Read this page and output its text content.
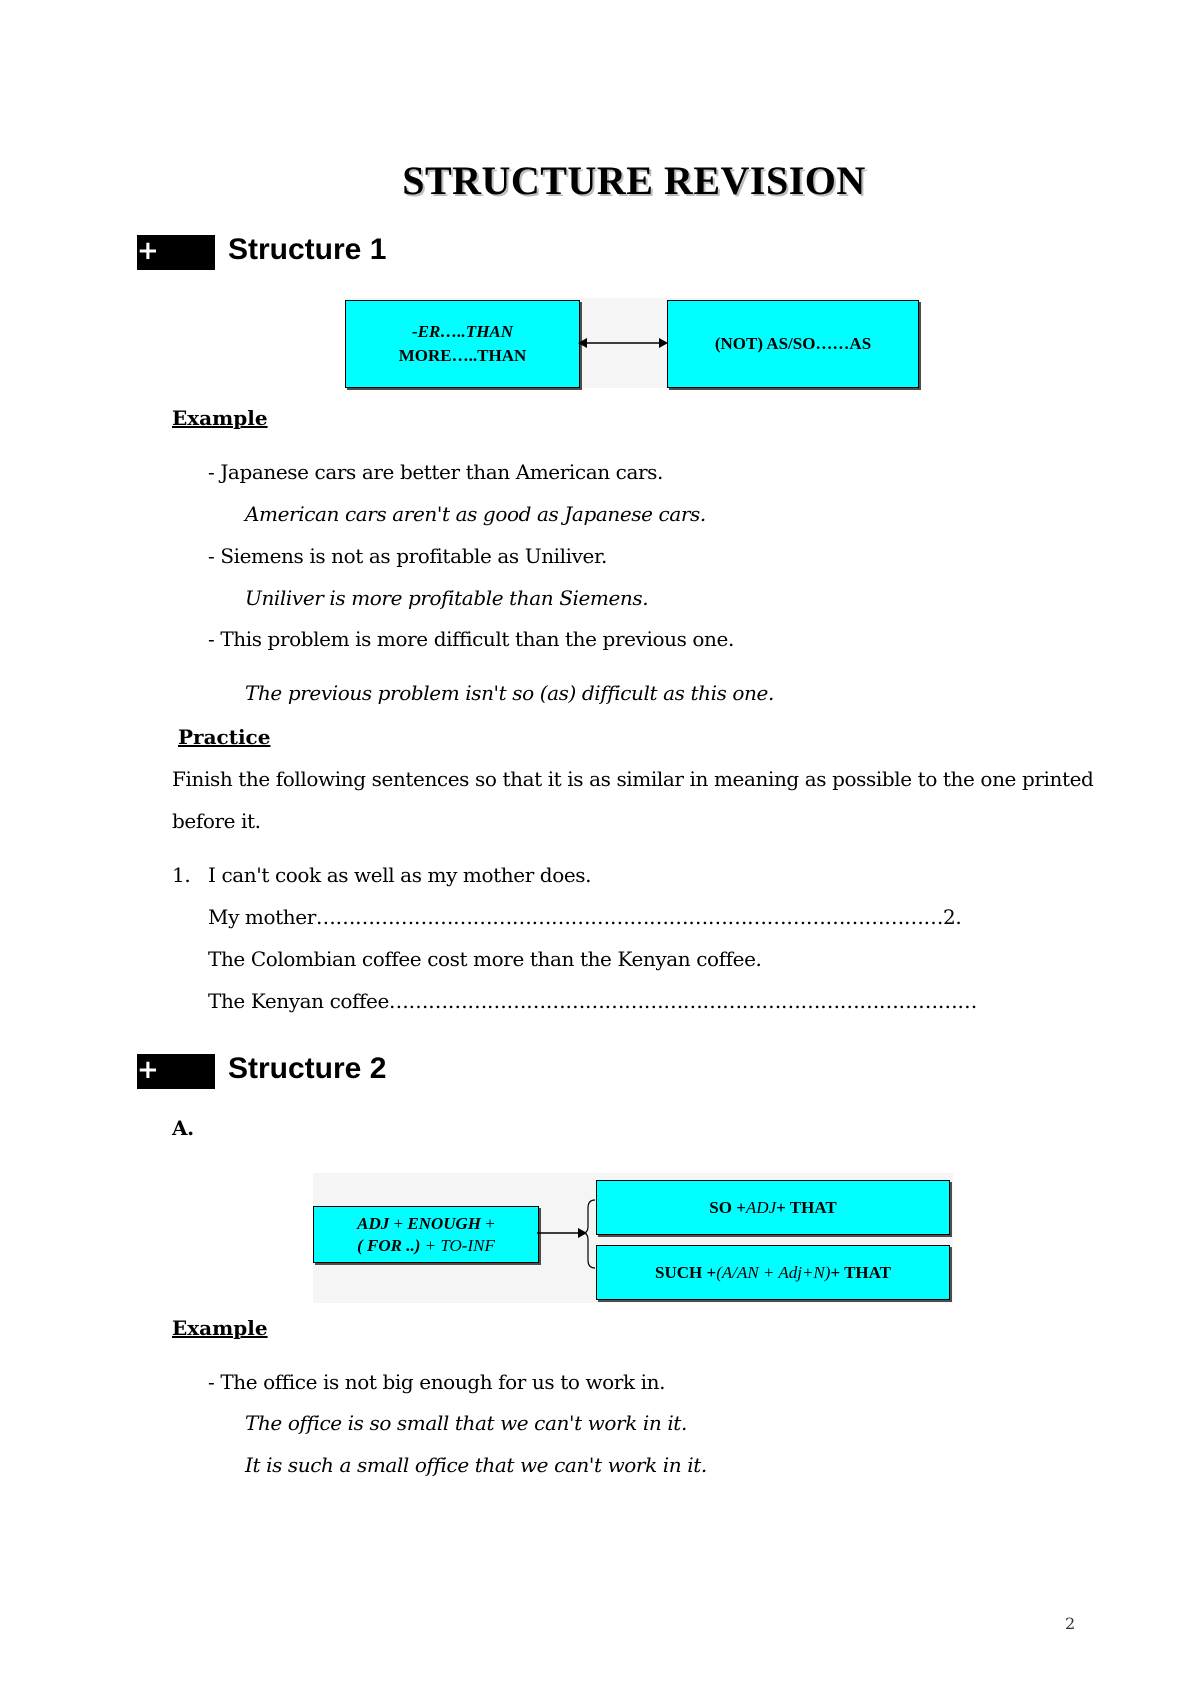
STRUCTURE REVISION
+ Structure 1
-ER…..THAN
MORE…..THAN
(NOT) AS/SO……AS
Example
- Japanese cars are better than American cars.
American cars aren't as good as Japanese cars.
- Siemens is not as profitable as Uniliver.
Uniliver is more profitable than Siemens.
- This problem is more difficult than the previous one.
The previous problem isn't so (as) difficult as this one.
Practice
Finish the following sentences so that it is as similar in meaning as possible to the one printed
before it.
1. I can't cook as well as my mother does.
My mother……………………………………………………………………………………2.
The Colombian coffee cost more than the Kenyan coffee.
The Kenyan coffee………………………………………………………………………………
+ Structure 2
A.
ADJ + ENOUGH +
( FOR ..) + TO-INF
SO + ADJ + THAT
SUCH + (A/AN + Adj+N) + THAT
Example
- The office is not big enough for us to work in.
The office is so small that we can't work in it.
It is such a small office that we can't work in it.
2
